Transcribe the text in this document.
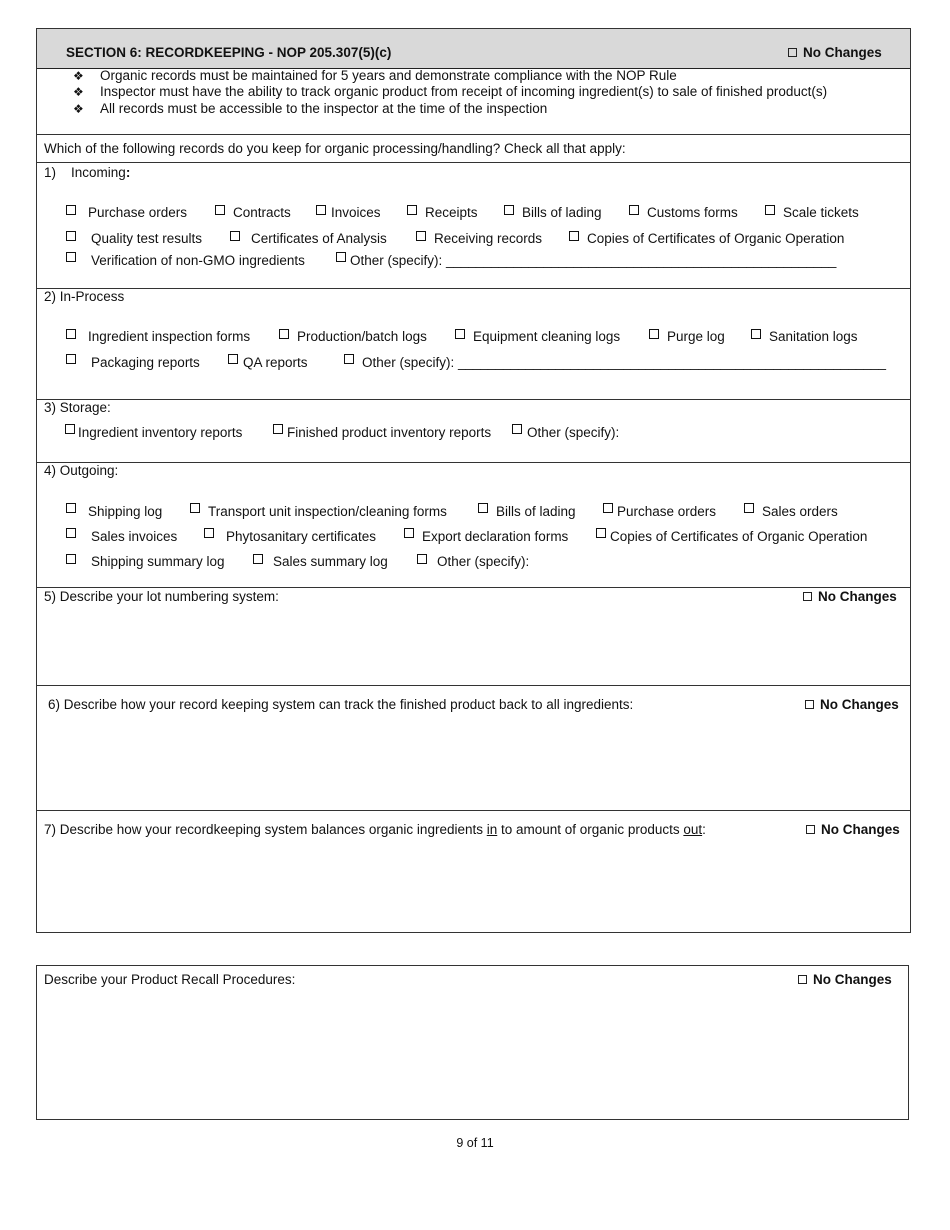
SECTION 6: RECORDKEEPING - NOP 205.307(5)(c)	No Changes
❖ Organic records must be maintained for 5 years and demonstrate compliance with the NOP Rule
❖ Inspector must have the ability to track organic product from receipt of incoming ingredient(s) to sale of finished product(s)
❖ All records must be accessible to the inspector at the time of the inspection
Which of the following records do you keep for organic processing/handling? Check all that apply:
1) Incoming:
Purchase orders	Contracts	Invoices	Receipts	Bills of lading	Customs forms	Scale tickets
Quality test results	Certificates of Analysis	Receiving records	Copies of Certificates of Organic Operation
Verification of non-GMO ingredients	Other (specify): ____________________________________________________
2) In-Process
Ingredient inspection forms	Production/batch logs	Equipment cleaning logs	Purge log	Sanitation logs
Packaging reports	QA reports	Other (specify): _________________________________________________________
3) Storage:
Ingredient inventory reports	Finished product inventory reports	Other (specify):
4) Outgoing:
Shipping log	Transport unit inspection/cleaning forms	Bills of lading	Purchase orders	Sales orders
Sales invoices	Phytosanitary certificates	Export declaration forms	Copies of Certificates of Organic Operation
Shipping summary log	Sales summary log	Other (specify):
5) Describe your lot numbering system:	No Changes
6) Describe how your record keeping system can track the finished product back to all ingredients:	No Changes
7) Describe how your recordkeeping system balances organic ingredients in to amount of organic products out:	No Changes
Describe your Product Recall Procedures:	No Changes
9 of 11
